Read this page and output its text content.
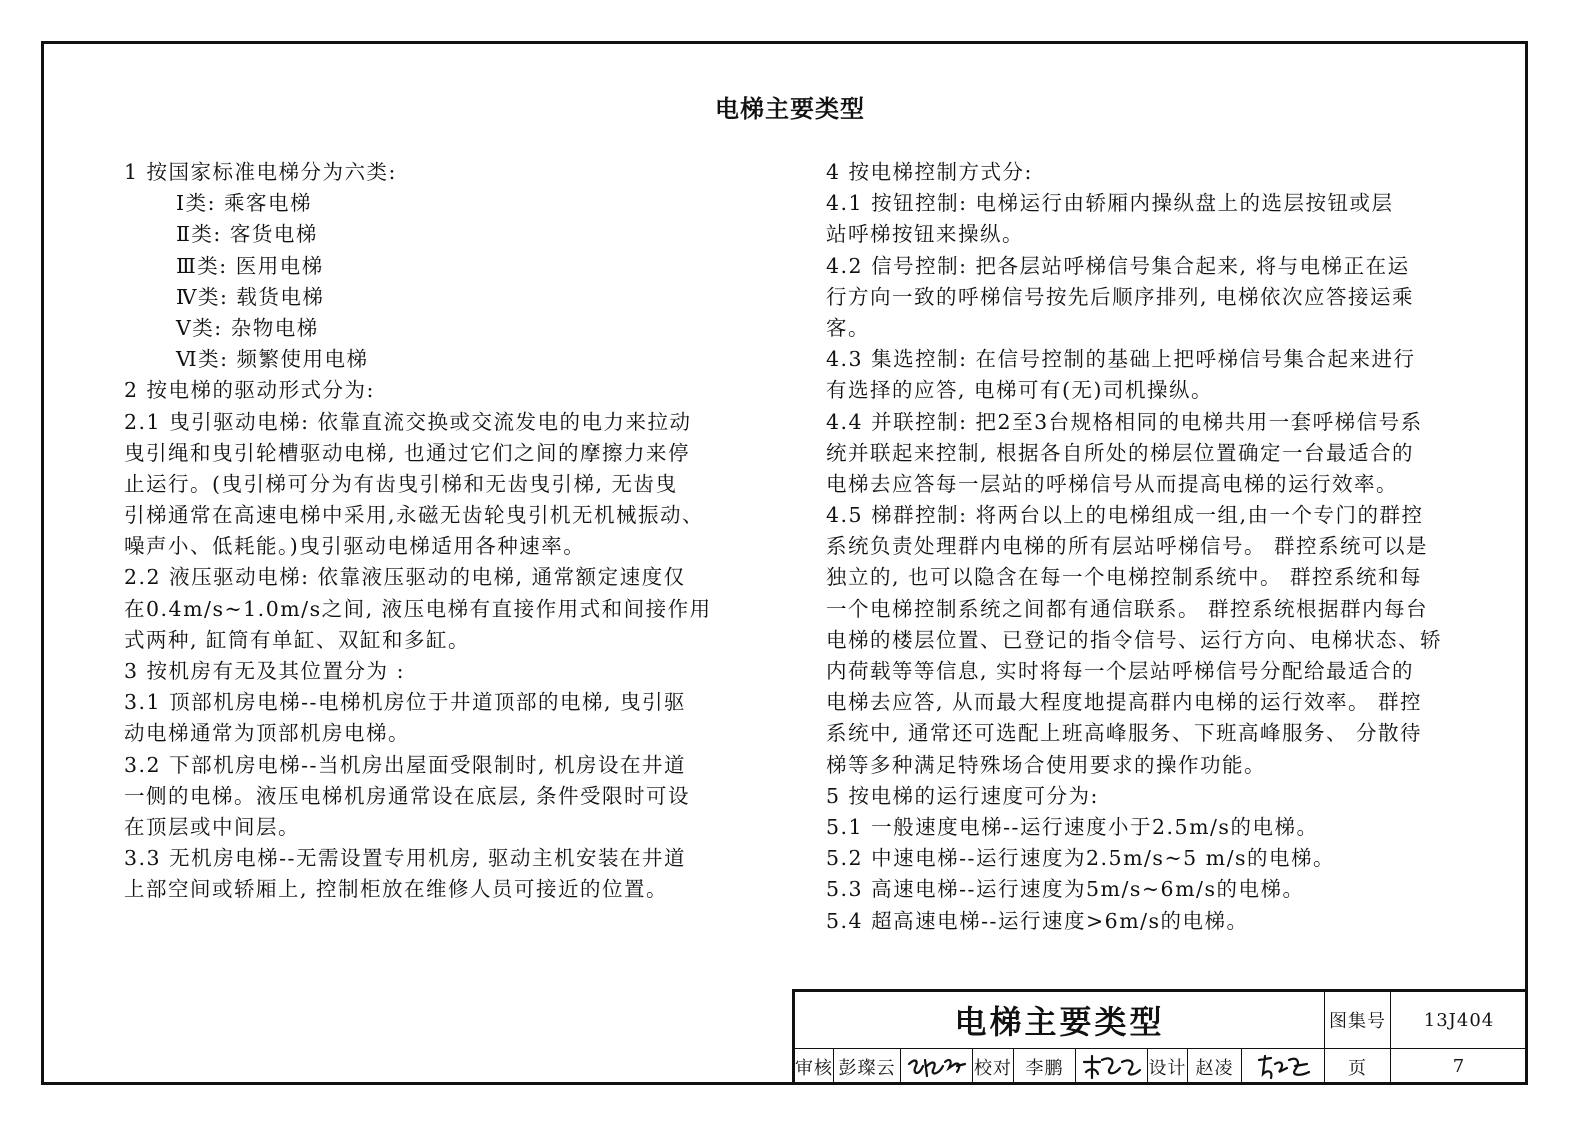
电梯主要类型
1 按国家标准电梯分为六类:
Ⅰ类: 乘客电梯
Ⅱ类: 客货电梯
Ⅲ类: 医用电梯
Ⅳ类: 载货电梯
Ⅴ类: 杂物电梯
Ⅵ类: 频繁使用电梯
2 按电梯的驱动形式分为:
2.1 曳引驱动电梯: 依靠直流交换或交流发电的电力来拉动
曳引绳和曳引轮槽驱动电梯, 也通过它们之间的摩擦力来停
止运行。(曳引梯可分为有齿曳引梯和无齿曳引梯, 无齿曳
引梯通常在高速电梯中采用,永磁无齿轮曳引机无机械振动、
噪声小、低耗能。)曳引驱动电梯适用各种速率。
2.2 液压驱动电梯: 依靠液压驱动的电梯, 通常额定速度仅
在0.4m/s~1.0m/s之间, 液压电梯有直接作用式和间接作用
式两种, 缸筒有单缸、双缸和多缸。
3 按机房有无及其位置分为 :
3.1 顶部机房电梯--电梯机房位于井道顶部的电梯, 曳引驱
动电梯通常为顶部机房电梯。
3.2 下部机房电梯--当机房出屋面受限制时, 机房设在井道
一侧的电梯。液压电梯机房通常设在底层, 条件受限时可设
在顶层或中间层。
3.3 无机房电梯--无需设置专用机房, 驱动主机安装在井道
上部空间或轿厢上, 控制柜放在维修人员可接近的位置。
4 按电梯控制方式分:
4.1 按钮控制: 电梯运行由轿厢内操纵盘上的选层按钮或层
站呼梯按钮来操纵。
4.2 信号控制: 把各层站呼梯信号集合起来, 将与电梯正在运
行方向一致的呼梯信号按先后顺序排列, 电梯依次应答接运乘
客。
4.3 集选控制: 在信号控制的基础上把呼梯信号集合起来进行
有选择的应答, 电梯可有(无)司机操纵。
4.4 并联控制: 把2至3台规格相同的电梯共用一套呼梯信号系
统并联起来控制, 根据各自所处的梯层位置确定一台最适合的
电梯去应答每一层站的呼梯信号从而提高电梯的运行效率。
4.5 梯群控制: 将两台以上的电梯组成一组,由一个专门的群控
系统负责处理群内电梯的所有层站呼梯信号。 群控系统可以是
独立的, 也可以隐含在每一个电梯控制系统中。 群控系统和每
一个电梯控制系统之间都有通信联系。 群控系统根据群内每台
电梯的楼层位置、已登记的指令信号、运行方向、电梯状态、轿
内荷载等等信息, 实时将每一个层站呼梯信号分配给最适合的
电梯去应答, 从而最大程度地提高群内电梯的运行效率。 群控
系统中, 通常还可选配上班高峰服务、下班高峰服务、 分散待
梯等多种满足特殊场合使用要求的操作功能。
5 按电梯的运行速度可分为:
5.1 一般速度电梯--运行速度小于2.5m/s的电梯。
5.2 中速电梯--运行速度为2.5m/s~5 m/s的电梯。
5.3 高速电梯--运行速度为5m/s~6m/s的电梯。
5.4 超高速电梯--运行速度>6m/s的电梯。
电梯主要类型	图集号	13J404
审核 彭璨云	校对 李鹏	设计 赵凌	页	7
